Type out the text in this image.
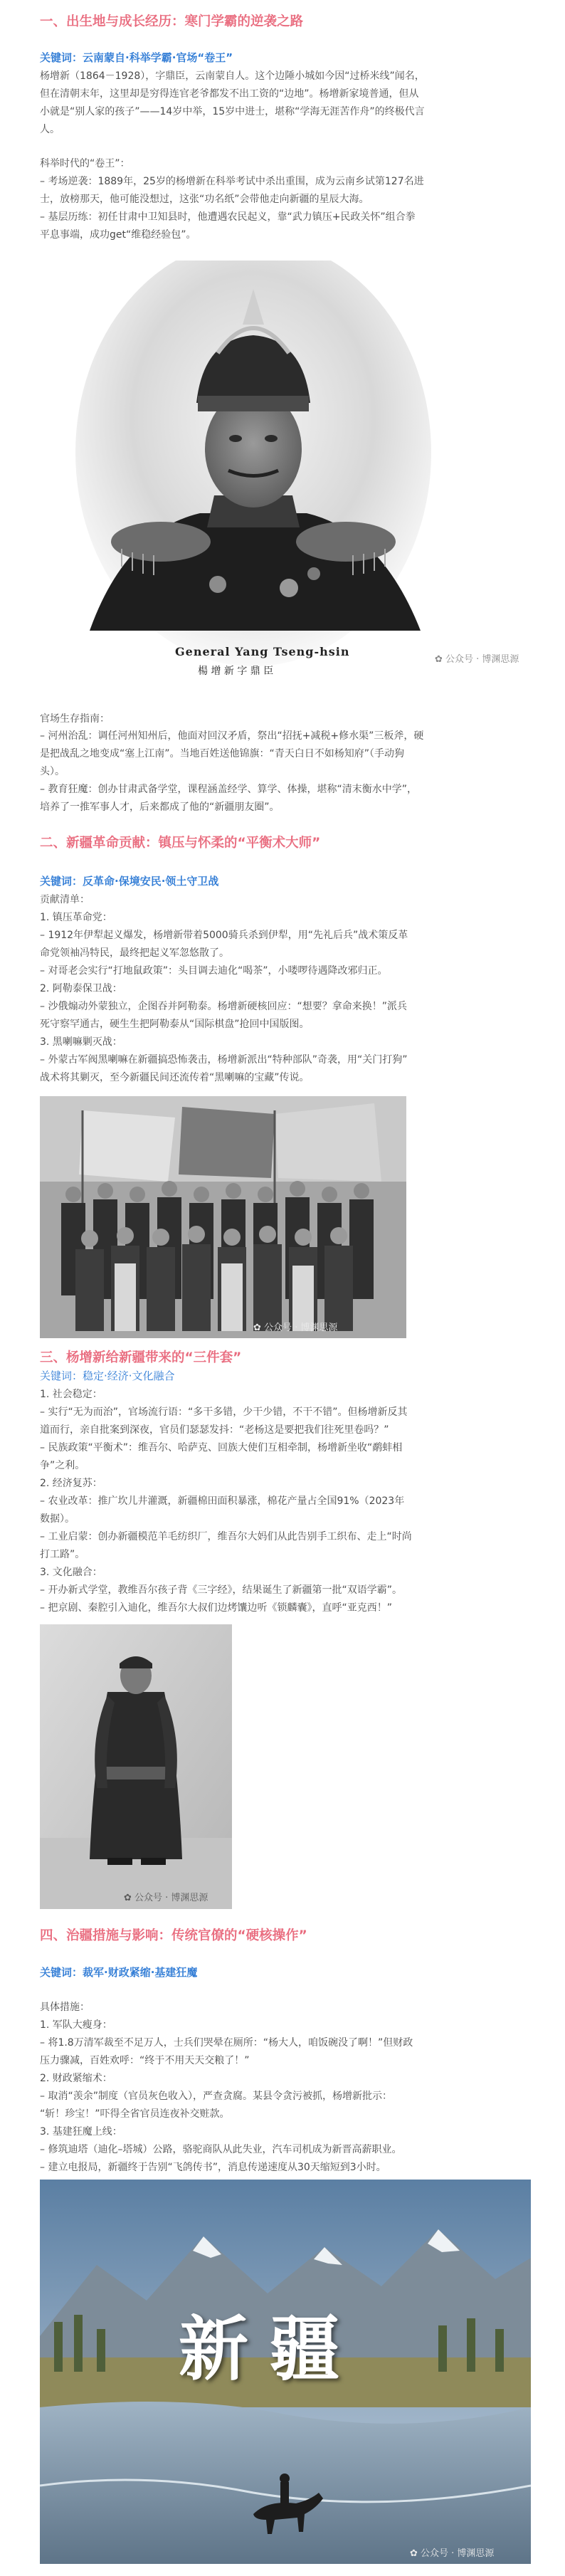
一、出生地与成长经历：寒门学霸的逆袭之路
关键词：云南蒙自·科举学霸·官场“卷王”
杨增新（1864－1928），字鼎臣，云南蒙自人。这个边陲小城如今因“过桥米线”闻名，
但在清朝末年，这里却是穷得连官老爷都发不出工资的“边地”。杨增新家境普通，但从
小就是“别人家的孩子”——14岁中举，15岁中进士，堪称“学海无涯苦作舟”的终极代言
人。
科举时代的“卷王”：
– 考场逆袭：1889年，25岁的杨增新在科举考试中杀出重围，成为云南乡试第127名进
士，放榜那天，他可能没想过，这张“功名纸”会带他走向新疆的星辰大海。
– 基层历练：初任甘肃中卫知县时，他遭遇农民起义，靠“武力镇压+民政关怀”组合拳
平息事端，成功get“维稳经验包”。
General Yang Tseng-hsin
楊 增 新 字 鼎 臣
✿ 公众号 · 博渊思源
官场生存指南：
– 河州治乱：调任河州知州后，他面对回汉矛盾，祭出“招抚+减税+修水渠”三板斧，硬
是把战乱之地变成“塞上江南”。当地百姓送他锦旗：“青天白日不如杨知府”（手动狗
头）。
– 教育狂魔：创办甘肃武备学堂，课程涵盖经学、算学、体操，堪称“清末衡水中学”，
培养了一推军事人才，后来都成了他的“新疆朋友圈”。
二、新疆革命贡献：镇压与怀柔的“平衡术大师”
关键词：反革命·保境安民·领土守卫战
贡献清单：
1. 镇压革命党：
– 1912年伊犁起义爆发，杨增新带着5000骑兵杀到伊犁，用“先礼后兵”战术策反革
命党领袖冯特民，最终把起义军忽悠散了。
– 对哥老会实行“打地鼠政策”：头目调去迪化“喝茶”，小喽啰待遇降改邪归正。
2. 阿勒泰保卫战：
– 沙俄煽动外蒙独立，企图吞并阿勒泰。杨增新硬核回应：“想要？拿命来换！”派兵
死守察罕通古，硬生生把阿勒泰从“国际棋盘”抢回中国版图。
3. 黑喇嘛剿灭战：
– 外蒙古军阀黑喇嘛在新疆搞恐怖袭击，杨增新派出“特种部队”奇袭，用“关门打狗”
战术将其剿灭，至今新疆民间还流传着“黑喇嘛的宝藏”传说。
✿ 公众号 · 博渊思源
三、杨增新给新疆带来的“三件套”
关键词：稳定·经济·文化融合
1. 社会稳定：
– 实行“无为而治”，官场流行语：“多干多错，少干少错，不干不错”。但杨增新反其
道而行，亲自批案到深夜，官员们瑟瑟发抖：“老杨这是要把我们往死里卷吗？”
– 民族政策“平衡术”：维吾尔、哈萨克、回族大使们互相牵制，杨增新坐收“鹬蚌相
争”之利。
2. 经济复苏：
– 农业改革：推广坎儿井灌溉，新疆棉田面积暴涨，棉花产量占全国91%（2023年
数据）。
– 工业启蒙：创办新疆模范羊毛纺织厂，维吾尔大妈们从此告别手工织布、走上“时尚
打工路”。
3. 文化融合：
– 开办新式学堂，教维吾尔孩子背《三字经》，结果诞生了新疆第一批“双语学霸”。
– 把京剧、秦腔引入迪化，维吾尔大叔们边烤馕边听《锁麟囊》，直呼“亚克西！”
✿ 公众号 · 博渊思源
四、治疆措施与影响：传统官僚的“硬核操作”
关键词：裁军·财政紧缩·基建狂魔
具体措施：
1. 军队大瘦身：
– 将1.8万清军裁至不足万人，士兵们哭晕在厕所：“杨大人，咱饭碗没了啊！”但财政
压力骤减，百姓欢呼：“终于不用天天交粮了！”
2. 财政紧缩术：
– 取消“羡余”制度（官员灰色收入），严查贪腐。某县令贪污被抓，杨增新批示：
“斩！珍宝！”吓得全省官员连夜补交赃款。
3. 基建狂魔上线：
– 修筑迪塔（迪化–塔城）公路，骆驼商队从此失业，汽车司机成为新晋高薪职业。
– 建立电报局，新疆终于告别“飞鸽传书”，消息传递速度从30天缩短到3小时。
新疆
✿ 公众号 · 博渊思源
